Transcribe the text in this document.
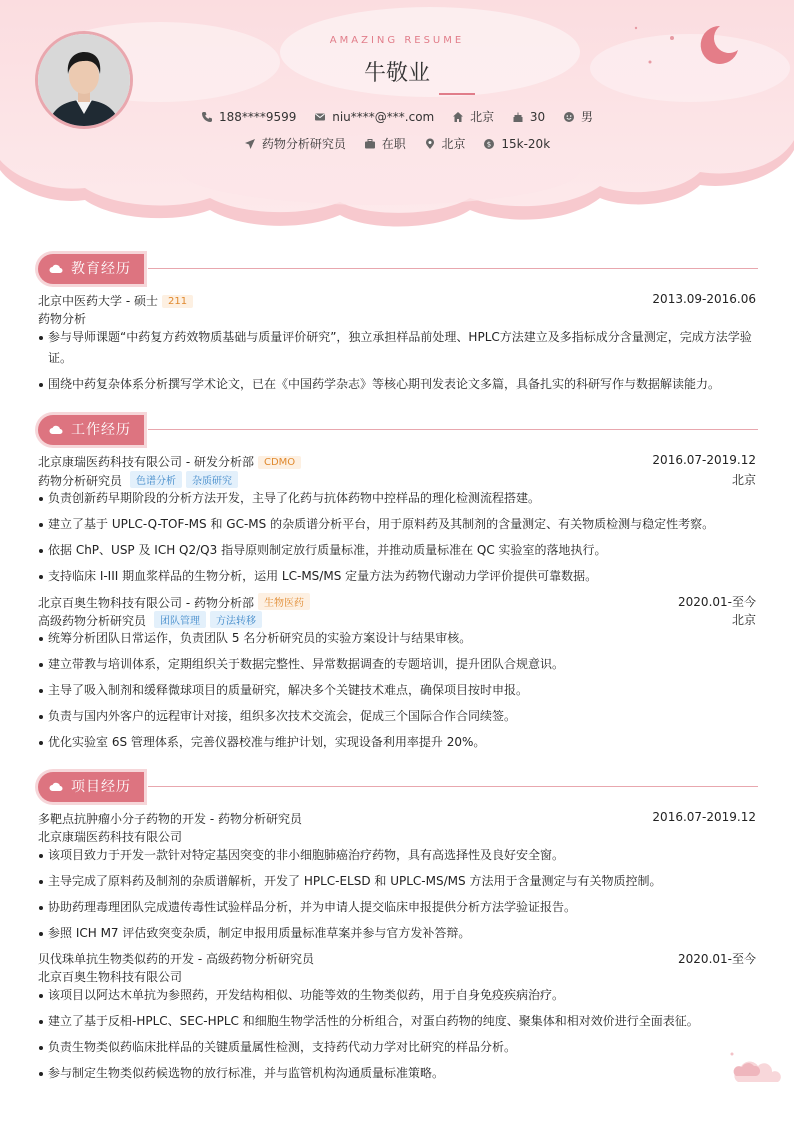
AMAZING RESUME
牛敬业
188****9599	niu****@***.com	北京	30	男
药物分析研究员	在职	北京	$ 15k-20k
教育经历
北京中医药大学 - 硕士 211	2013.09-2016.06
药物分析
参与导师课题“中药复方药效物质基础与质量评价研究”，独立承担样品前处理、HPLC方法建立及多指标成分含量测定，完成方法学验证。
围绕中药复杂体系分析撰写学术论文，已在《中国药学杂志》等核心期刊发表论文多篇，具备扎实的科研写作与数据解读能力。
工作经历
北京康瑞医药科技有限公司 - 研发分析部 CDMO	2016.07-2019.12
药物分析研究员 色谱分析 杂质研究	北京
负责创新药早期阶段的分析方法开发，主导了化药与抗体药物中控样品的理化检测流程搭建。
建立了基于 UPLC-Q-TOF-MS 和 GC-MS 的杂质谱分析平台，用于原料药及其制剂的含量测定、有关物质检测与稳定性考察。
依据 ChP、USP 及 ICH Q2/Q3 指导原则制定放行质量标准，并推动质量标准在 QC 实验室的落地执行。
支持临床 I-III 期血浆样品的生物分析，运用 LC-MS/MS 定量方法为药物代谢动力学评价提供可靠数据。
北京百奥生物科技有限公司 - 药物分析部 生物医药	2020.01-至今
高级药物分析研究员 团队管理 方法转移	北京
统筹分析团队日常运作，负责团队 5 名分析研究员的实验方案设计与结果审核。
建立带教与培训体系，定期组织关于数据完整性、异常数据调查的专题培训，提升团队合规意识。
主导了吸入制剂和缓释微球项目的质量研究，解决多个关键技术难点，确保项目按时申报。
负责与国内外客户的远程审计对接，组织多次技术交流会，促成三个国际合作合同续签。
优化实验室 6S 管理体系，完善仪器校准与维护计划，实现设备利用率提升 20%。
项目经历
多靶点抗肿瘤小分子药物的开发 - 药物分析研究员	2016.07-2019.12
北京康瑞医药科技有限公司
该项目致力于开发一款针对特定基因突变的非小细胞肺癌治疗药物，具有高选择性及良好安全窗。
主导完成了原料药及制剂的杂质谱解析，开发了 HPLC-ELSD 和 UPLC-MS/MS 方法用于含量测定与有关物质控制。
协助药理毒理团队完成遗传毒性试验样品分析，并为申请人提交临床申报提供分析方法学验证报告。
参照 ICH M7 评估致突变杂质，制定申报用质量标准草案并参与官方发补答辩。
贝伐珠单抗生物类似药的开发 - 高级药物分析研究员	2020.01-至今
北京百奥生物科技有限公司
该项目以阿达木单抗为参照药，开发结构相似、功能等效的生物类似药，用于自身免疫疾病治疗。
建立了基于反相-HPLC、SEC-HPLC 和细胞生物学活性的分析组合，对蛋白药物的纯度、聚集体和相对效价进行全面表征。
负责生物类似药临床批样品的关键质量属性检测，支持药代动力学对比研究的样品分析。
参与制定生物类似药候选物的放行标准，并与监管机构沟通质量标准策略。
